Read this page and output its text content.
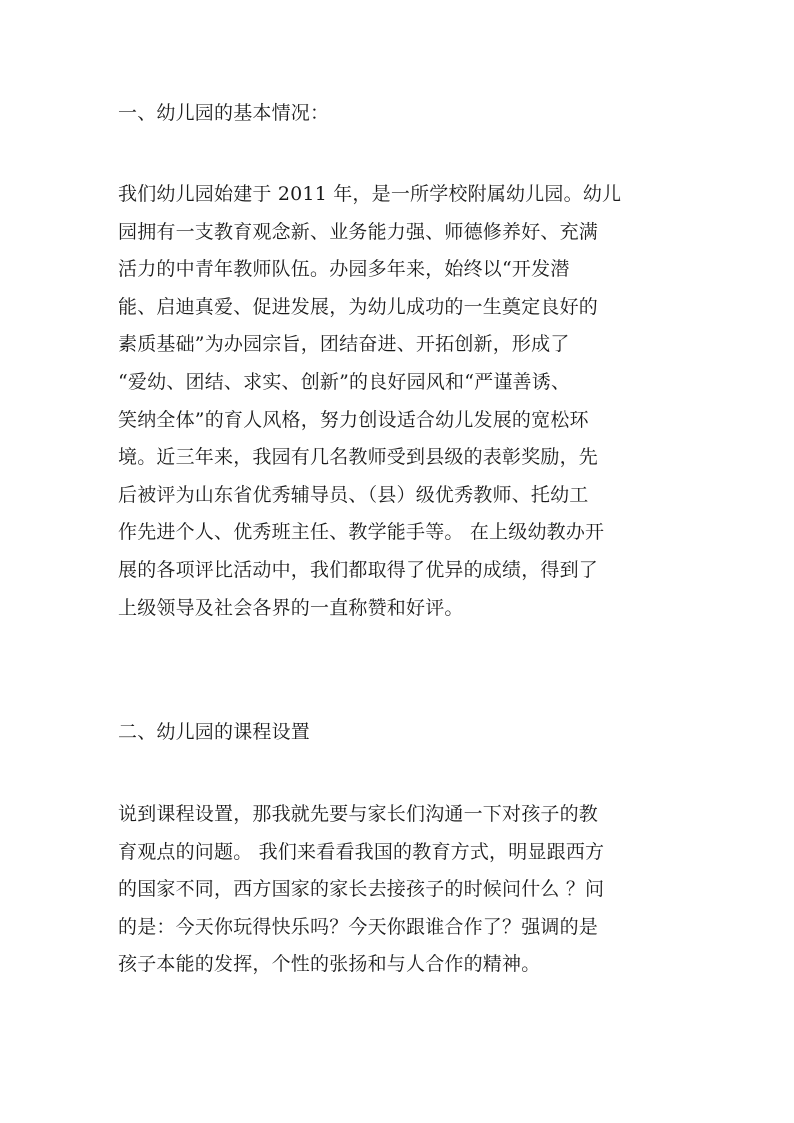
一、幼儿园的基本情况：
我们幼儿园始建于 2011 年，是一所学校附属幼儿园。幼儿
园拥有一支教育观念新、业务能力强、师德修养好、充满
活力的中青年教师队伍。办园多年来，始终以“开发潜
能、启迪真爱、促进发展，为幼儿成功的一生奠定良好的
素质基础”为办园宗旨，团结奋进、开拓创新，形成了
“爱幼、团结、求实、创新”的良好园风和“严谨善诱、
笑纳全体”的育人风格，努力创设适合幼儿发展的宽松环
境。近三年来，我园有几名教师受到县级的表彰奖励，先
后被评为山东省优秀辅导员、（县）级优秀教师、托幼工
作先进个人、优秀班主任、教学能手等。 在上级幼教办开
展的各项评比活动中，我们都取得了优异的成绩，得到了
上级领导及社会各界的一直称赞和好评。
二、幼儿园的课程设置
说到课程设置，那我就先要与家长们沟通一下对孩子的教
育观点的问题。 我们来看看我国的教育方式，明显跟西方
的国家不同，西方国家的家长去接孩子的时候问什么 ？问
的是：今天你玩得快乐吗？今天你跟谁合作了？强调的是
孩子本能的发挥，个性的张扬和与人合作的精神。
